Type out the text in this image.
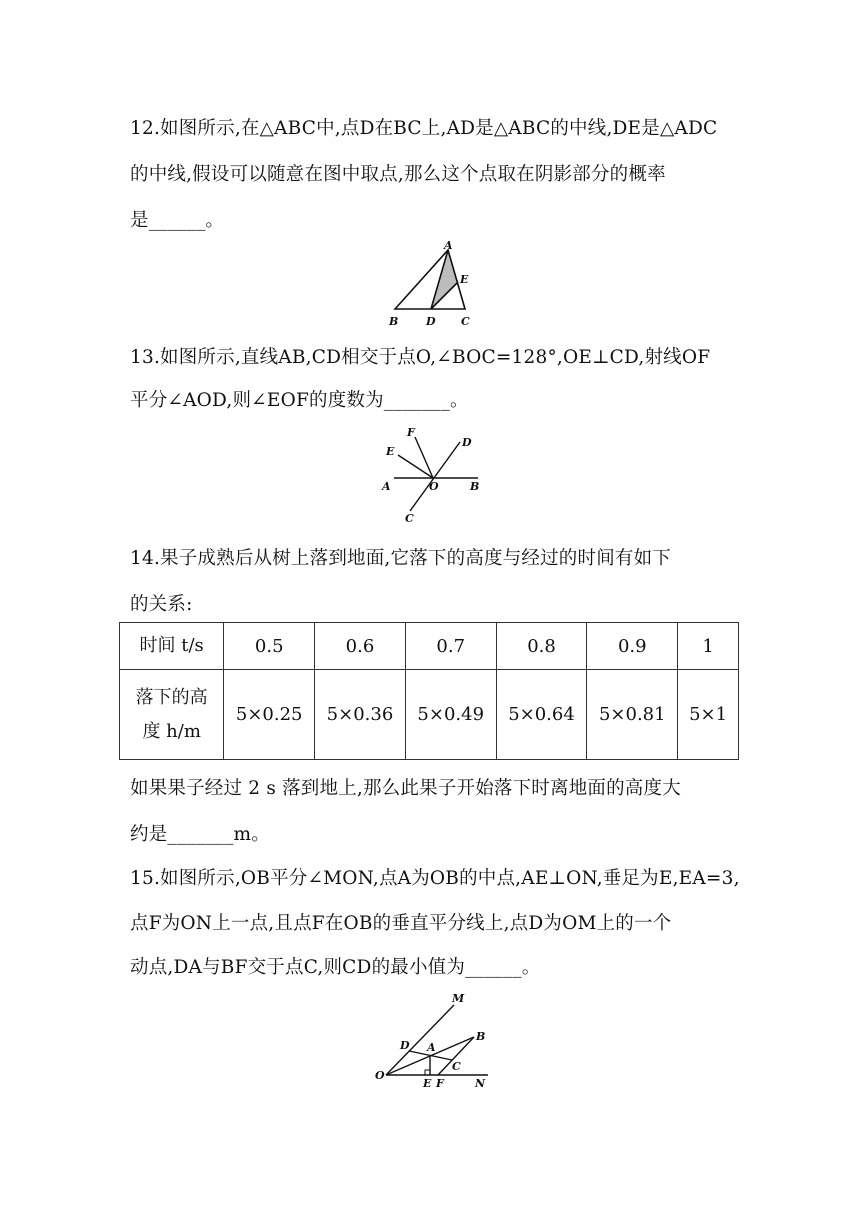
12.如图所示,在△ABC中,点D在BC上,AD是△ABC的中线,DE是△ADC
的中线,假设可以随意在图中取点,那么这个点取在阴影部分的概率
是______。
A
E
B	D C
13.如图所示,直线AB,CD相交于点O,∠BOC=128°,OE⊥CD,射线OF
平分∠AOD,则∠EOF的度数为_______。
F
D
E
A	O	B
C
14.果子成熟后从树上落到地面,它落下的高度与经过的时间有如下
的关系:
时间 t/s	0.5	0.6	0.7	0.8	0.9	1

落下的高
度 h/m	5×0.25	5×0.36	5×0.49	5×0.64	5×0.81	5×1
如果果子经过 2 s 落到地上,那么此果子开始落下时离地面的高度大
约是_______m。
15.如图所示,OB平分∠MON,点A为OB的中点,AE⊥ON,垂足为E,EA=3,
点F为ON上一点,且点F在OB的垂直平分线上,点D为OM上的一个
动点,DA与BF交于点C,则CD的最小值为______。
M
B
D A
C
O
E F	N
